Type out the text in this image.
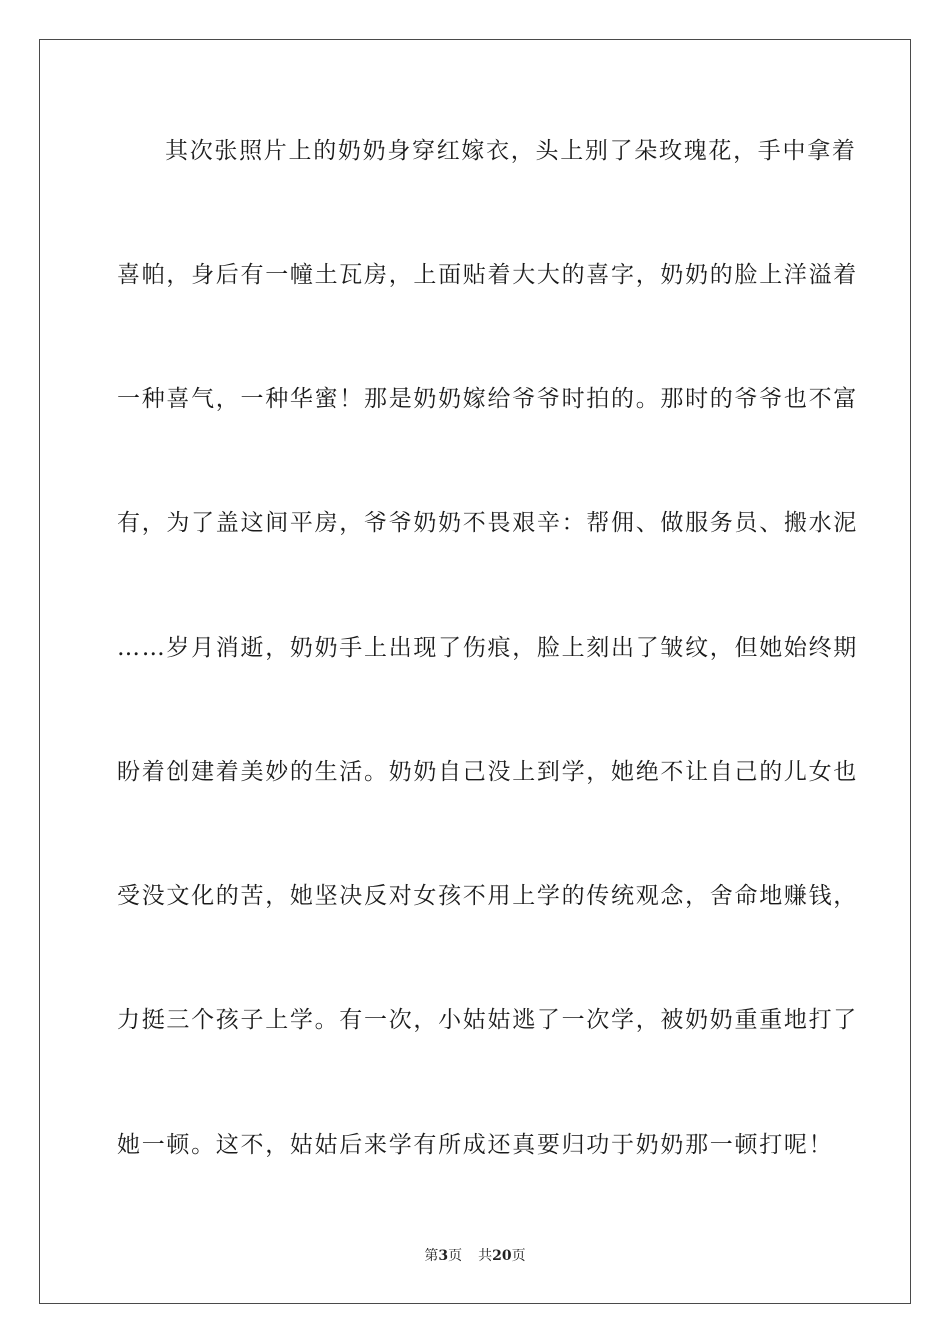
其次张照片上的奶奶身穿红嫁衣，头上别了朵玫瑰花，手中拿着
喜帕，身后有一幢土瓦房，上面贴着大大的喜字，奶奶的脸上洋溢着
一种喜气，一种华蜜！那是奶奶嫁给爷爷时拍的。那时的爷爷也不富
有，为了盖这间平房，爷爷奶奶不畏艰辛：帮佣、做服务员、搬水泥
……岁月消逝，奶奶手上出现了伤痕，脸上刻出了皱纹，但她始终期
盼着创建着美妙的生活。奶奶自己没上到学，她绝不让自己的儿女也
受没文化的苦，她坚决反对女孩不用上学的传统观念，舍命地赚钱，
力挺三个孩子上学。有一次，小姑姑逃了一次学，被奶奶重重地打了
她一顿。这不，姑姑后来学有所成还真要归功于奶奶那一顿打呢！
第3页 共20页
